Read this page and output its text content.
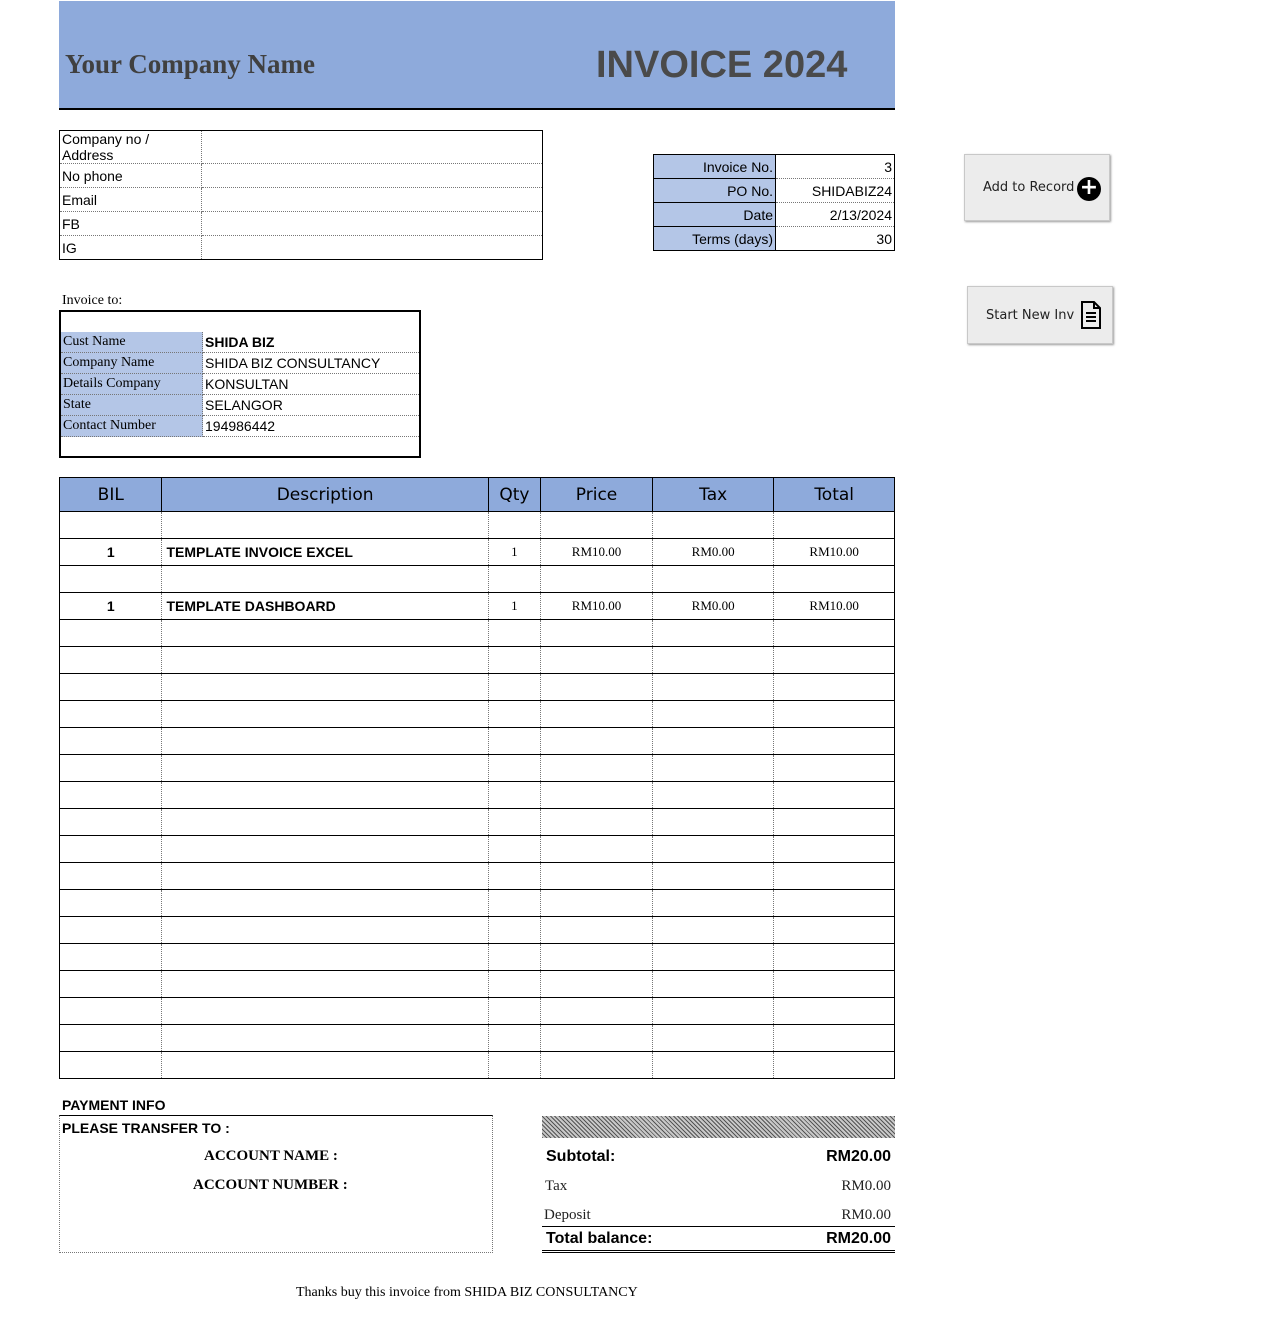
Your Company Name	INVOICE 2024
Company no / Address	
No phone	
Email	
FB	
IG	
Invoice No.	3
PO No.	SHIDABIZ24
Date	2/13/2024
Terms (days)	30
Add to Record +
Start New Inv
Invoice to:
Cust Name	SHIDA BIZ
Company Name	SHIDA BIZ CONSULTANCY
Details Company	KONSULTAN
State	SELANGOR
Contact Number	194986442
BIL	Description	Qty	Price	Tax	Total

1	TEMPLATE INVOICE EXCEL	1	RM10.00	RM0.00	RM10.00

1	TEMPLATE DASHBOARD	1	RM10.00	RM0.00	RM10.00

PAYMENT INFO
PLEASE TRANSFER TO :
ACCOUNT NAME :
ACCOUNT NUMBER :
Subtotal:	RM20.00
Tax	RM0.00
Deposit	RM0.00
Total balance:	RM20.00
Thanks buy this invoice from SHIDA BIZ CONSULTANCY
